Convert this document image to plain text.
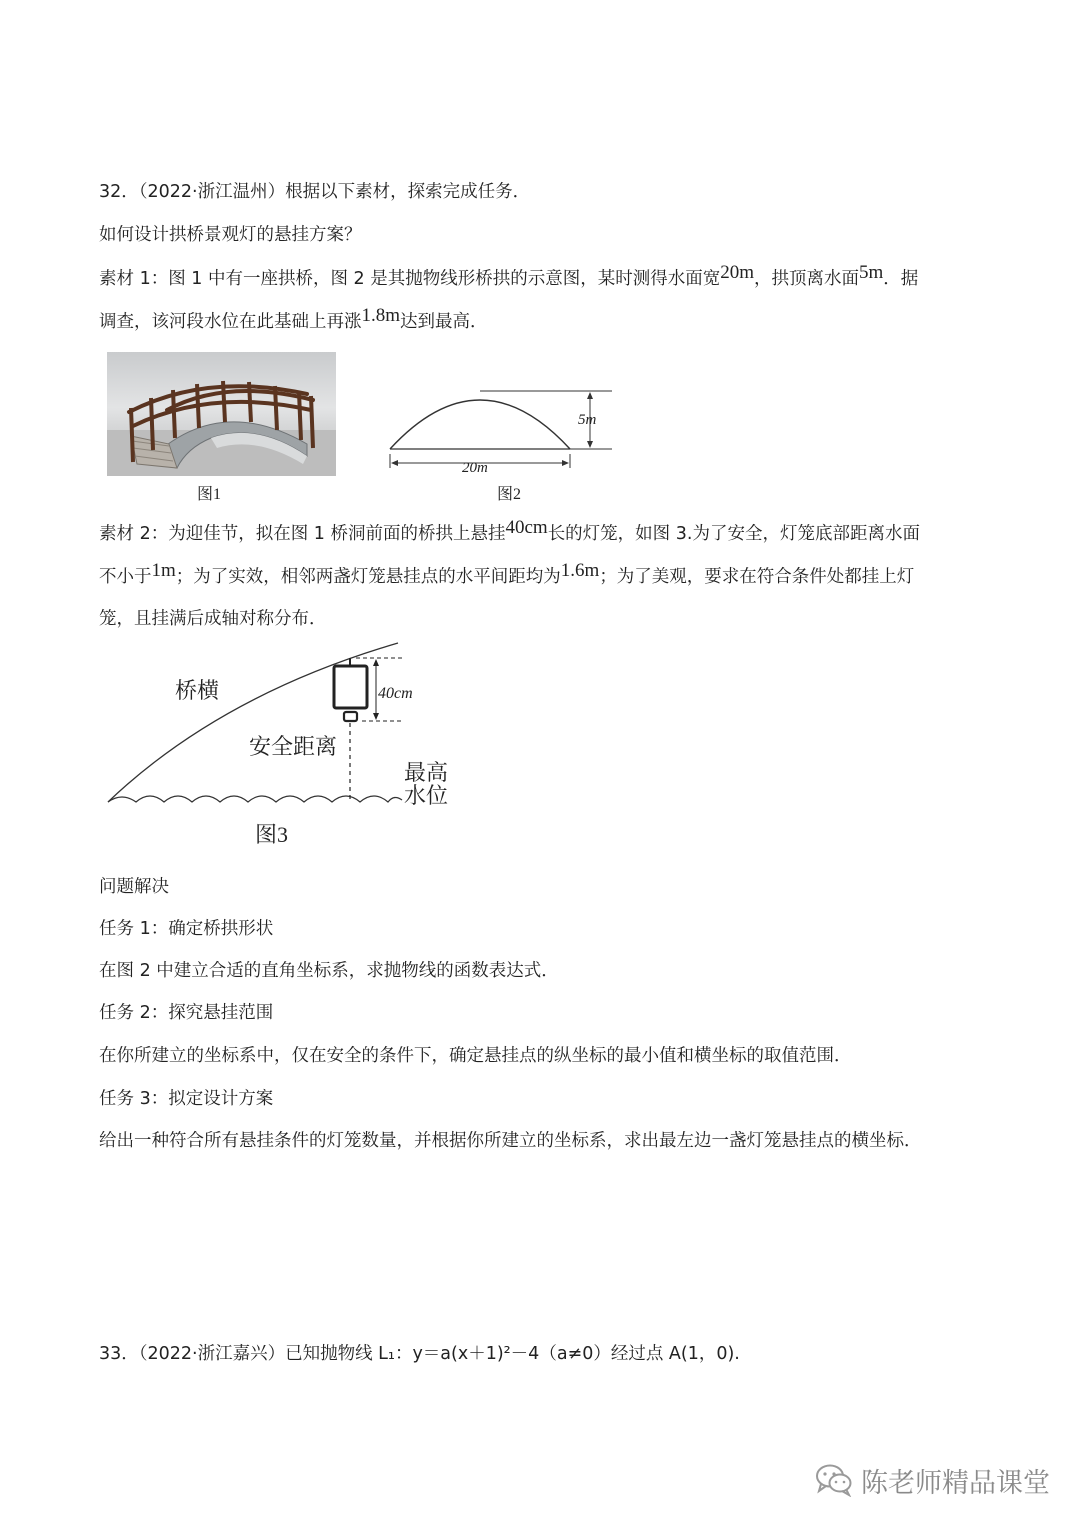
32．（2022·浙江温州）根据以下素材，探索完成任务．
如何设计拱桥景观灯的悬挂方案？
素材 1：图 1 中有一座拱桥，图 2 是其抛物线形桥拱的示意图，某时测得水面宽20m，拱顶离水面5m．据
调查，该河段水位在此基础上再涨1.8m达到最高．
图1
5m
20m
图2
素材 2：为迎佳节，拟在图 1 桥洞前面的桥拱上悬挂40cm长的灯笼，如图 3.为了安全，灯笼底部距离水面
不小于1m；为了实效，相邻两盏灯笼悬挂点的水平间距均为1.6m；为了美观，要求在符合条件处都挂上灯
笼，且挂满后成轴对称分布．
40cm
桥横
安全距离
最高
水位
图3
问题解决
任务 1：确定桥拱形状
在图 2 中建立合适的直角坐标系，求抛物线的函数表达式．
任务 2：探究悬挂范围
在你所建立的坐标系中，仅在安全的条件下，确定悬挂点的纵坐标的最小值和横坐标的取值范围．
任务 3：拟定设计方案
给出一种符合所有悬挂条件的灯笼数量，并根据你所建立的坐标系，求出最左边一盏灯笼悬挂点的横坐标．
33．（2022·浙江嘉兴）已知抛物线 L₁：y＝a(x＋1)²－4（a≠0）经过点 A(1，0).
陈老师精品课堂
